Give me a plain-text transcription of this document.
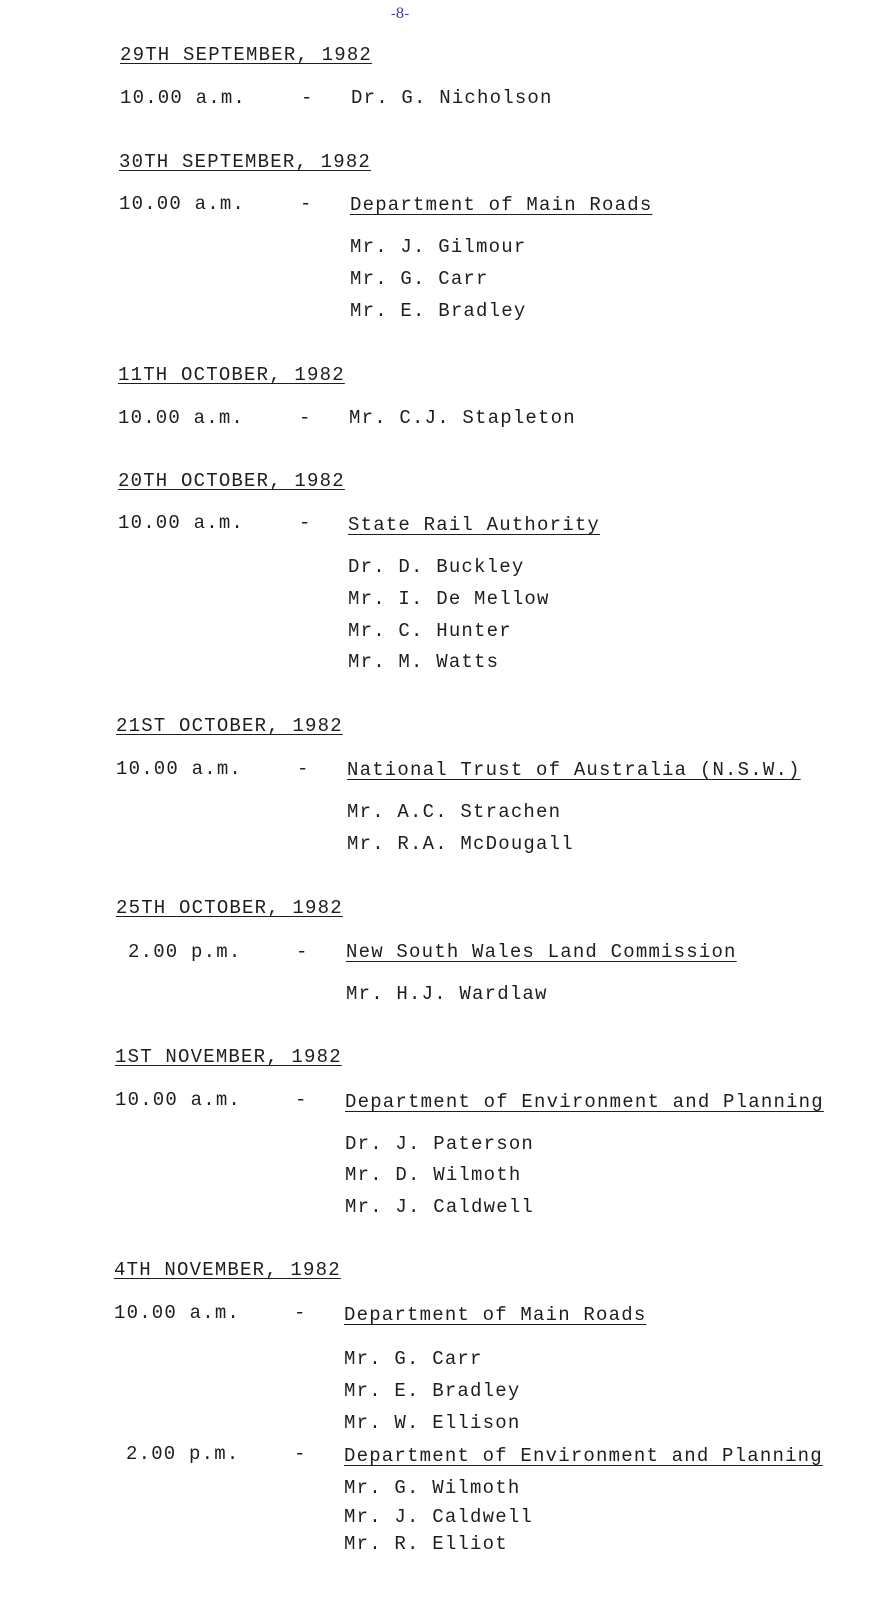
-8-
29TH SEPTEMBER, 1982
10.00 a.m.	- Dr. G. Nicholson
30TH SEPTEMBER, 1982
10.00 a.m.	- Department of Main Roads
Mr. J. Gilmour
Mr. G. Carr
Mr. E. Bradley
11TH OCTOBER, 1982
10.00 a.m.	- Mr. C.J. Stapleton
20TH OCTOBER, 1982
10.00 a.m.	- State Rail Authority
Dr. D. Buckley
Mr. I. De Mellow
Mr. C. Hunter
Mr. M. Watts
21ST OCTOBER, 1982
10.00 a.m.	- National Trust of Australia (N.S.W.)
Mr. A.C. Strachen
Mr. R.A. McDougall
25TH OCTOBER, 1982
2.00 p.m.	- New South Wales Land Commission
Mr. H.J. Wardlaw
1ST NOVEMBER, 1982
10.00 a.m.	- Department of Environment and Planning
Dr. J. Paterson
Mr. D. Wilmoth
Mr. J. Caldwell
4TH NOVEMBER, 1982
10.00 a.m.	- Department of Main Roads
Mr. G. Carr
Mr. E. Bradley
Mr. W. Ellison
2.00 p.m.	- Department of Environment and Planning
Mr. G. Wilmoth
Mr. J. Caldwell
Mr. R. Elliot
